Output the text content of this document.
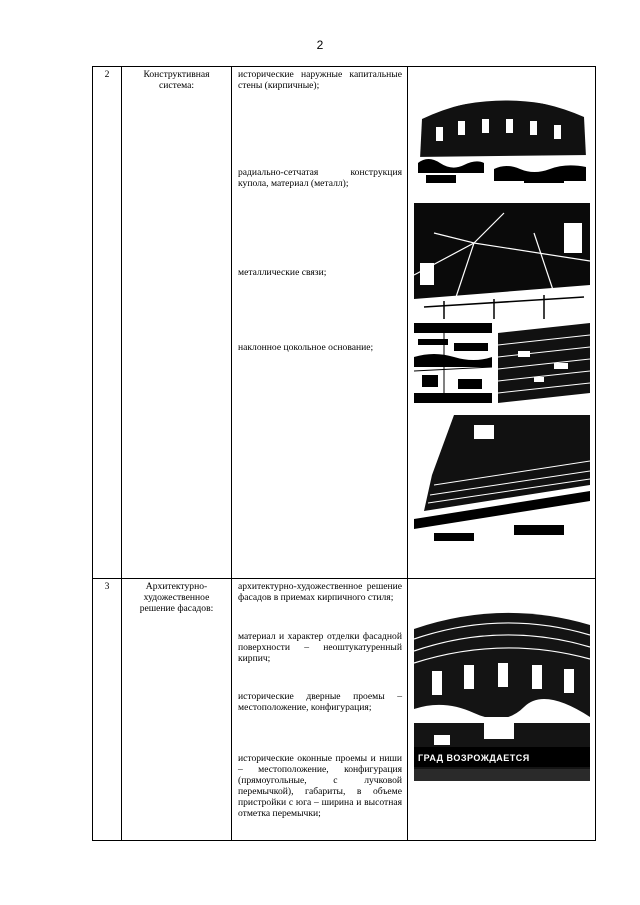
2
2	Конструктивная система:	исторические наружные капитальные стены (кирпичные);
радиально-сетчатая конструкция купола, материал (металл);
металлические связи;
наклонное цокольное основание;

3	Архитектурно-художественное решение фасадов:	архитектурно-художественное решение фасадов в приемах кирпичного стиля;
материал и характер отделки фасадной поверхности – неоштукатуренный кирпич;
исторические дверные проемы – местоположение, конфигурация;
исторические оконные проемы и ниши – местоположение, конфигурация (прямоугольные, с лучковой перемычкой), габариты, в объеме пристройки с юга – ширина и высотная отметка перемычки;	ГРАД ВОЗРОЖДАЕТСЯ
